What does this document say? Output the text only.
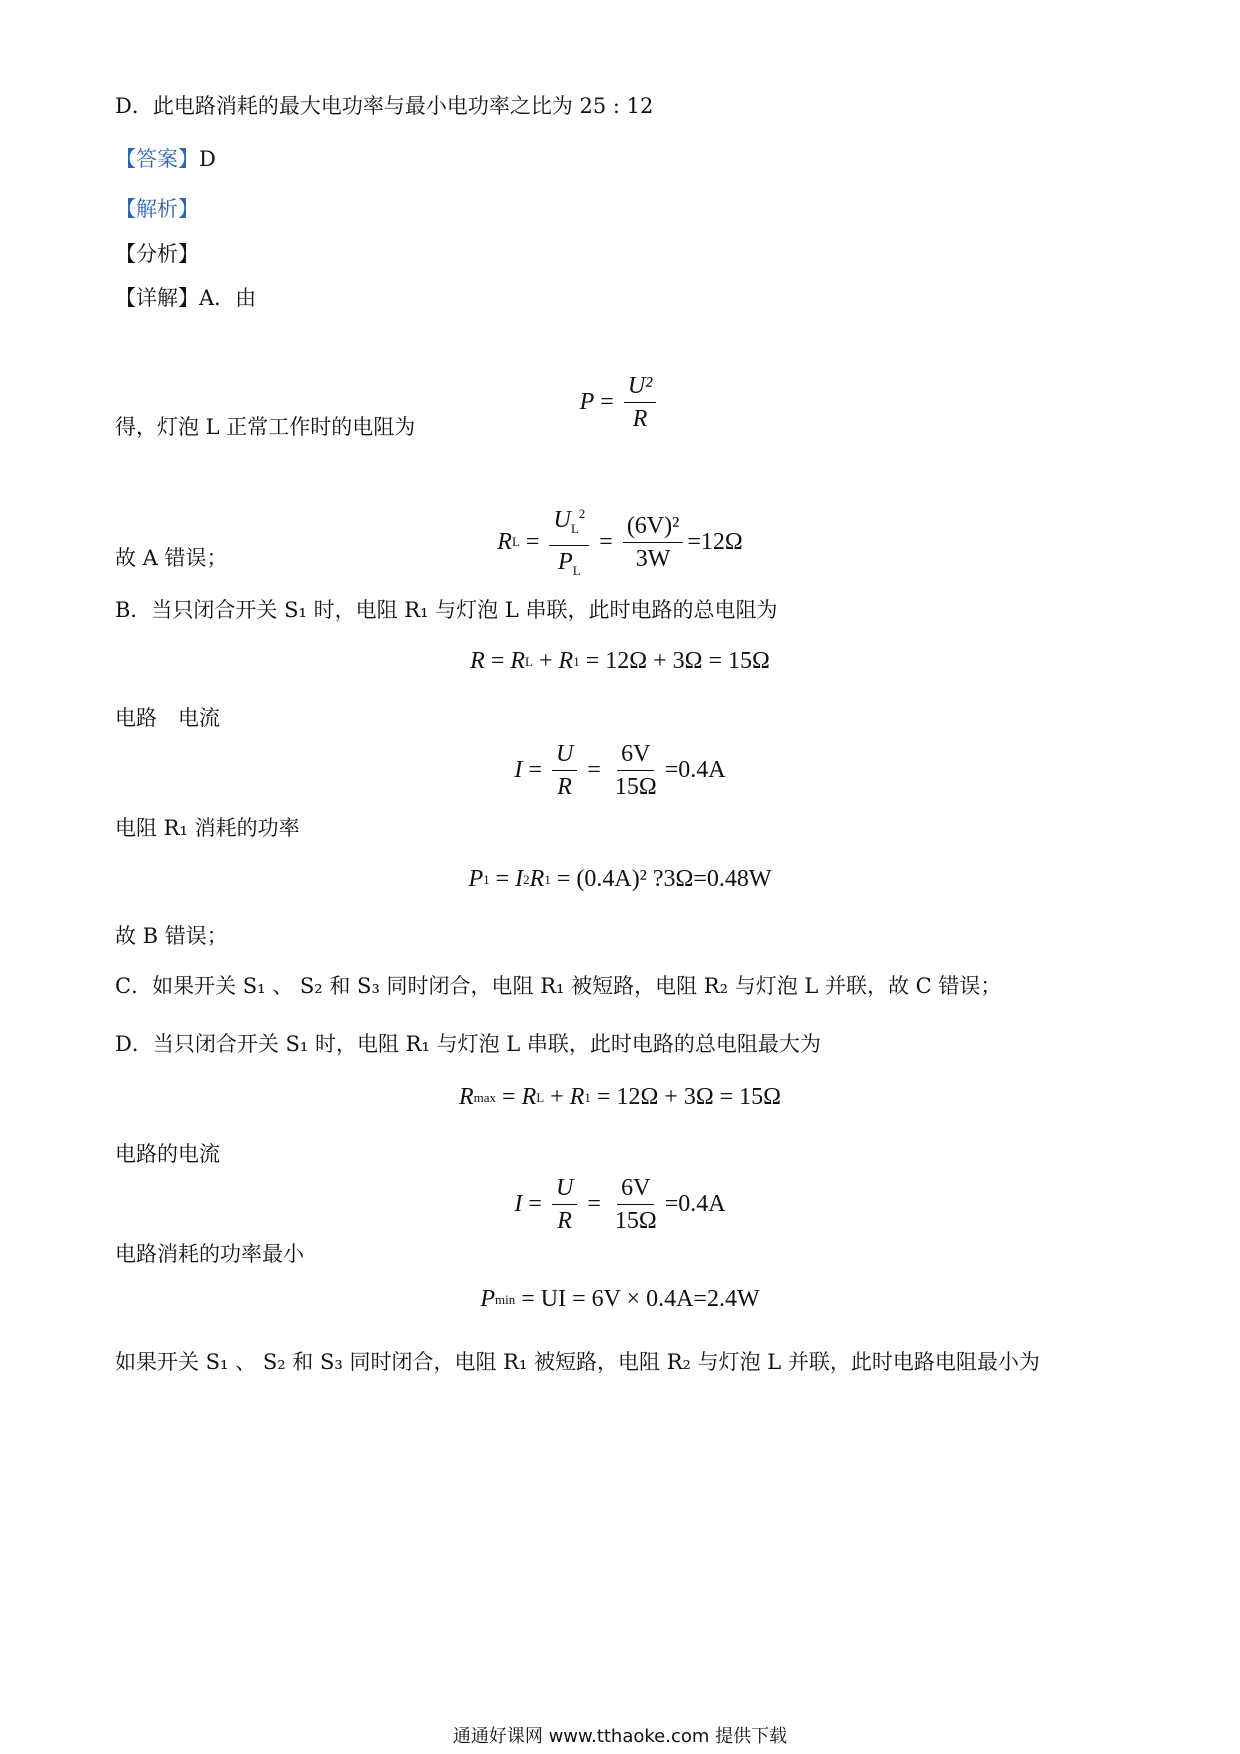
D．此电路消耗的最大电功率与最小电功率之比为 25 : 12
【答案】D
【解析】
【分析】
【详解】A．由
$P = \frac{\text{U²}}{R}$
得，灯泡 L 正常工作时的电阻为
R $L = \frac{U_L^2}{P_L} = \frac{\text{(6V)²}}{3W} =12\Omega$
故 A 错误；
B．当只闭合开关 S₁ 时，电阻 R₁ 与灯泡 L 串联，此时电路的总电阻为
R = R L + R 1 = 12Ω + 3Ω = 15Ω
电路　电流
$I = \frac{U}{R} = \frac{6V}{15\Omega} =0.4A$
电阻 R₁ 消耗的功率
P 1 = I 2 R 1 = (0.4A)² ?3Ω=0.48W
故 B 错误；
C．如果开关 S₁ 、 S₂ 和 S₃ 同时闭合，电阻 R₁ 被短路，电阻 R₂ 与灯泡 L 并联，故 C 错误；
D．当只闭合开关 S₁ 时，电阻 R₁ 与灯泡 L 串联，此时电路的总电阻最大为
R max = R L + R 1 = 12Ω + 3Ω = 15Ω
电路的电流
$I = \frac{U}{R} = \frac{6V}{15\Omega} =0.4A$
电路消耗的功率最小
P min = UI = 6V × 0.4A=2.4W
如果开关 S₁ 、 S₂ 和 S₃ 同时闭合，电阻 R₁ 被短路，电阻 R₂ 与灯泡 L 并联，此时电路电阻最小为
通通好课网 www.tthaoke.com 提供下载
